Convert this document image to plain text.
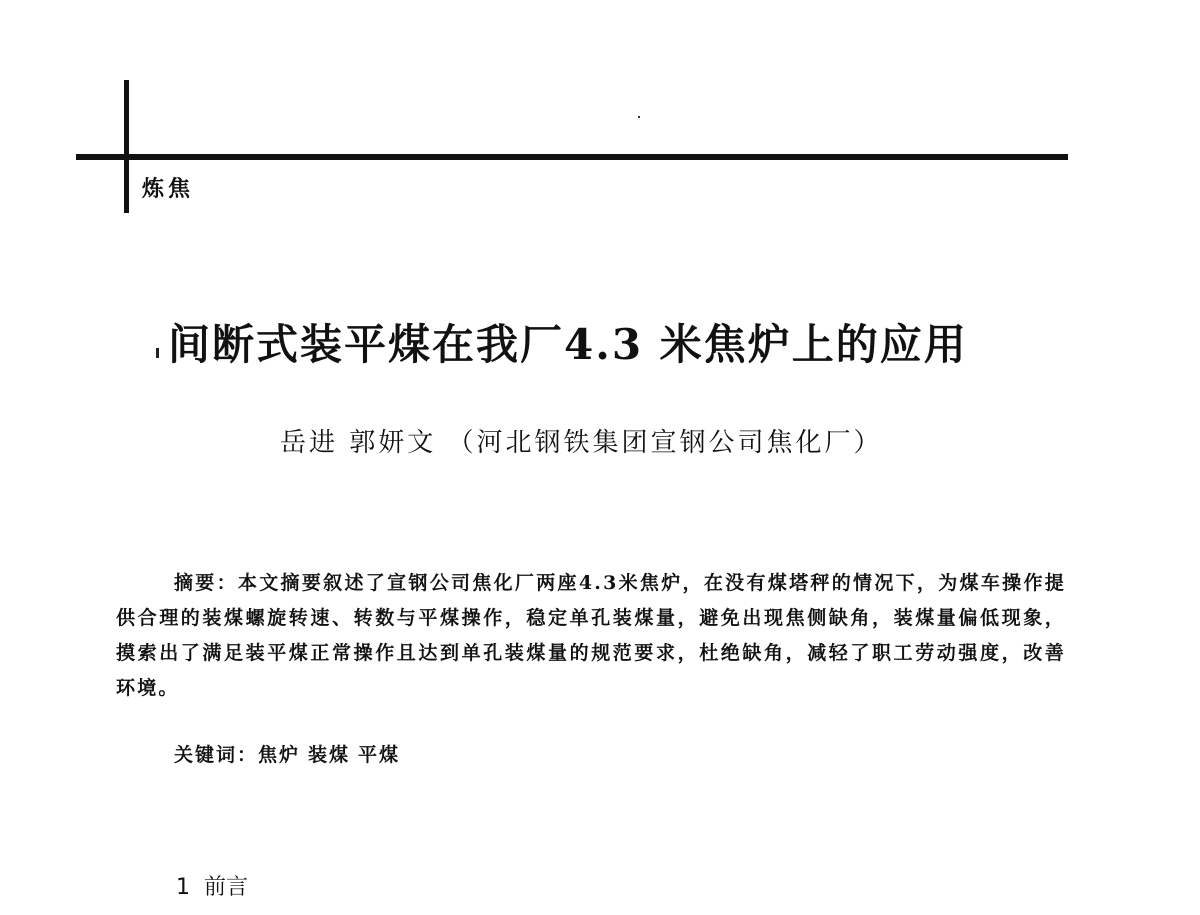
炼焦
间断式装平煤在我厂4.3 米焦炉上的应用
岳进 郭妍文 （河北钢铁集团宣钢公司焦化厂）

摘要：本文摘要叙述了宣钢公司焦化厂两座4.3米焦炉，在没有煤塔秤的情况下，为煤车操作提供合理的装煤螺旋转速、转数与平煤操作，稳定单孔装煤量，避免出现焦侧缺角，装煤量偏低现象，摸索出了满足装平煤正常操作且达到单孔装煤量的规范要求，杜绝缺角，减轻了职工劳动强度，改善环境。

关键词：焦炉 装煤 平煤
1 前言
